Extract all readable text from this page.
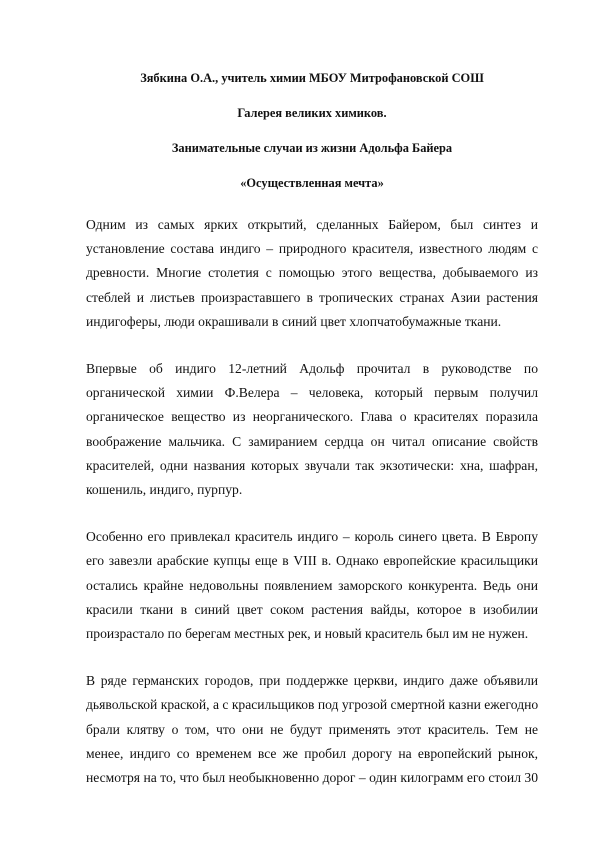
Зябкина О.А., учитель химии МБОУ Митрофановской СОШ
Галерея великих химиков.
Занимательные случаи из жизни Адольфа Байера
«Осуществленная мечта»
Одним из самых ярких открытий, сделанных Байером, был синтез и
установление состава индиго – природного красителя, известного людям с
древности. Многие столетия с помощью этого вещества, добываемого из
стеблей и листьев произраставшего в тропических странах Азии растения
индигоферы, люди окрашивали в синий цвет хлопчатобумажные ткани.
Впервые об индиго 12-летний Адольф прочитал в руководстве по
органической химии Ф.Велера – человека, который первым получил
органическое вещество из неорганического. Глава о красителях поразила
воображение мальчика. С замиранием сердца он читал описание свойств
красителей, одни названия которых звучали так экзотически: хна, шафран,
кошениль, индиго, пурпур.
Особенно его привлекал краситель индиго – король синего цвета. В Европу
его завезли арабские купцы еще в VIII в. Однако европейские красильщики
остались крайне недовольны появлением заморского конкурента. Ведь они
красили ткани в синий цвет соком растения вайды, которое в изобилии
произрастало по берегам местных рек, и новый краситель был им не нужен.
В ряде германских городов, при поддержке церкви, индиго даже объявили
дьявольской краской, а с красильщиков под угрозой смертной казни ежегодно
брали клятву о том, что они не будут применять этот краситель. Тем не
менее, индиго со временем все же пробил дорогу на европейский рынок,
несмотря на то, что был необыкновенно дорог – один килограмм его стоил 30
